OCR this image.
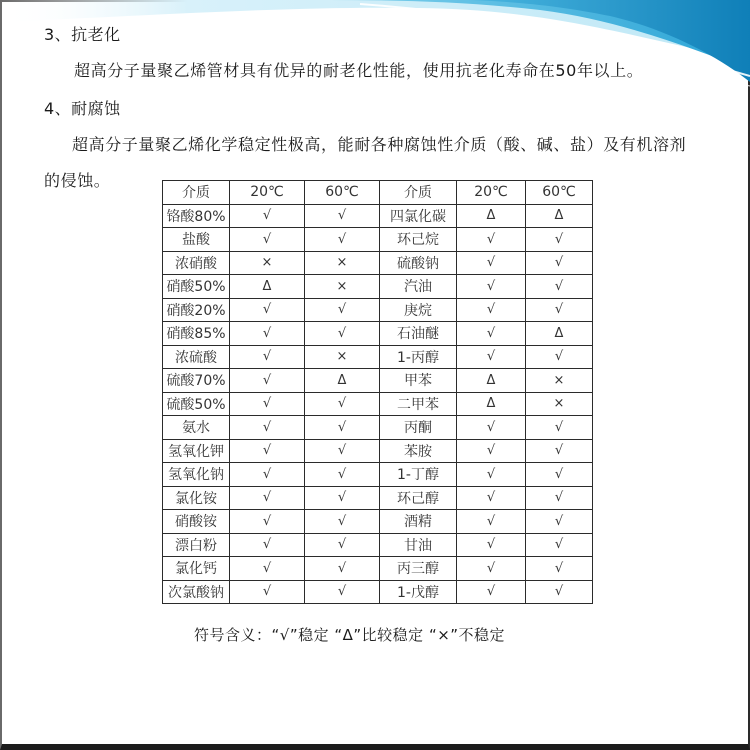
3、抗老化
超高分子量聚乙烯管材具有优异的耐老化性能，使用抗老化寿命在50年以上。
4、耐腐蚀
超高分子量聚乙烯化学稳定性极高，能耐各种腐蚀性介质（酸、碱、盐）及有机溶剂
的侵蚀。
介质	20℃	60℃	介质	20℃	60℃
铬酸80%	√	√	四氯化碳	Δ	Δ
盐酸	√	√	环己烷	√	√
浓硝酸	×	×	硫酸钠	√	√
硝酸50%	Δ	×	汽油	√	√
硝酸20%	√	√	庚烷	√	√
硝酸85%	√	√	石油醚	√	Δ
浓硫酸	√	×	1-丙醇	√	√
硫酸70%	√	Δ	甲苯	Δ	×
硫酸50%	√	√	二甲苯	Δ	×
氨水	√	√	丙酮	√	√
氢氧化钾	√	√	苯胺	√	√
氢氧化钠	√	√	1-丁醇	√	√
氯化铵	√	√	环己醇	√	√
硝酸铵	√	√	酒精	√	√
漂白粉	√	√	甘油	√	√
氯化钙	√	√	丙三醇	√	√
次氯酸钠	√	√	1-戊醇	√	√
符号含义：“√”稳定 “Δ”比较稳定 “×”不稳定
